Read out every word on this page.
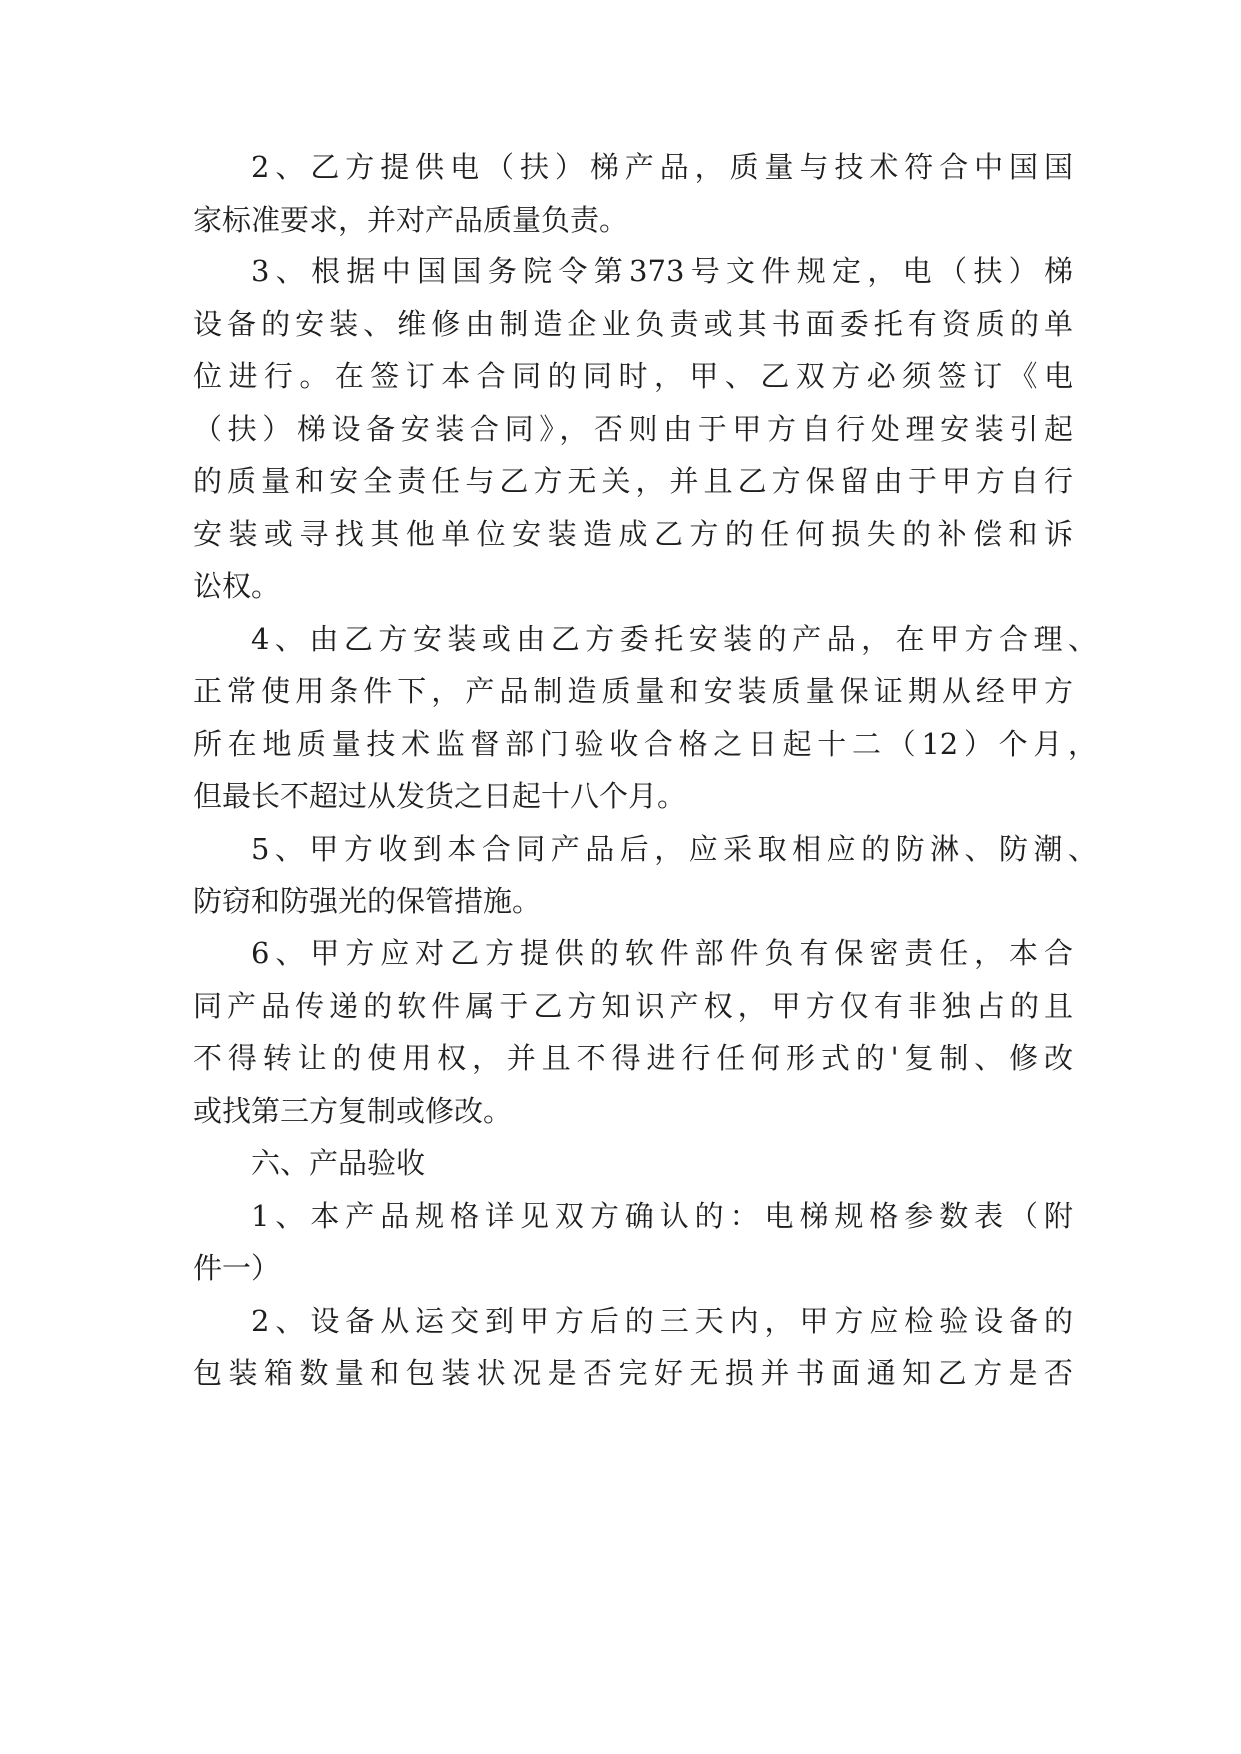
2、乙方提供电（扶）梯产品，质量与技术符合中国国

家标准要求，并对产品质量负责。

3、根据中国国务院令第373号文件规定，电（扶）梯

设备的安装、维修由制造企业负责或其书面委托有资质的单

位进行。在签订本合同的同时，甲、乙双方必须签订《电

（扶）梯设备安装合同》，否则由于甲方自行处理安装引起

的质量和安全责任与乙方无关，并且乙方保留由于甲方自行

安装或寻找其他单位安装造成乙方的任何损失的补偿和诉

讼权。

4、由乙方安装或由乙方委托安装的产品，在甲方合理、

正常使用条件下，产品制造质量和安装质量保证期从经甲方

所在地质量技术监督部门验收合格之日起十二（12）个月，

但最长不超过从发货之日起十八个月。

5、甲方收到本合同产品后，应采取相应的防淋、防潮、

防窃和防强光的保管措施。

6、甲方应对乙方提供的软件部件负有保密责任，本合

同产品传递的软件属于乙方知识产权，甲方仅有非独占的且

不得转让的使用权，并且不得进行任何形式的'复制、修改

或找第三方复制或修改。

六、产品验收

1、本产品规格详见双方确认的：电梯规格参数表（附

件一）

2、设备从运交到甲方后的三天内，甲方应检验设备的

包装箱数量和包装状况是否完好无损并书面通知乙方是否
